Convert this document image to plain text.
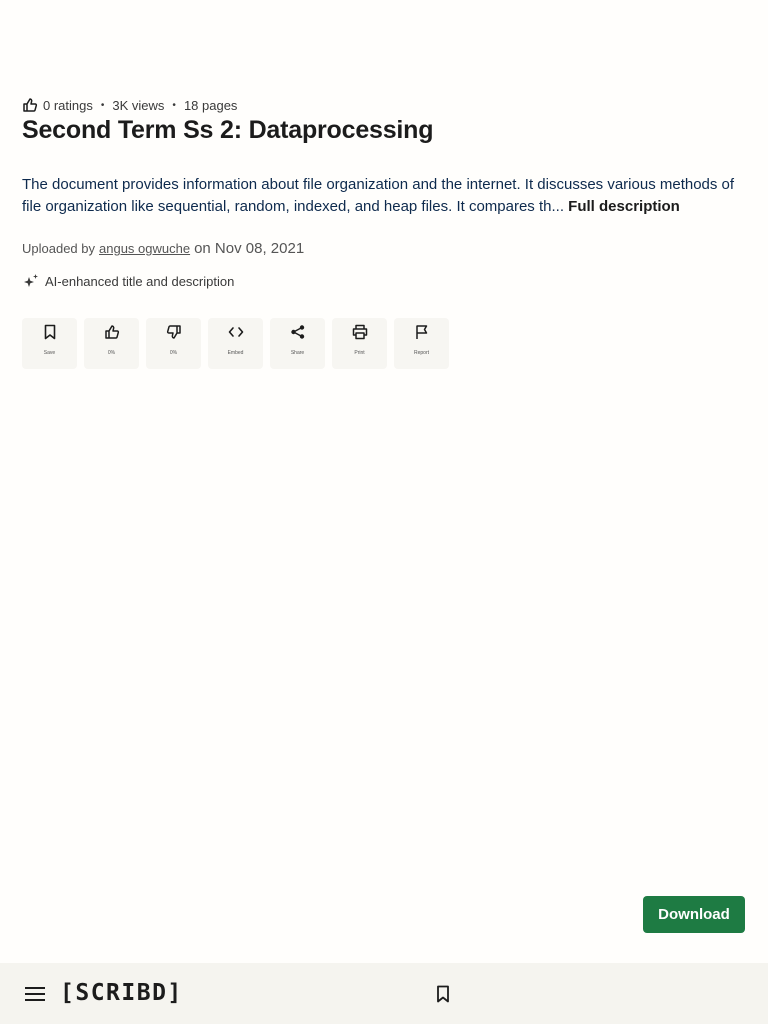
0 ratings • 3K views • 18 pages
Second Term Ss 2: Dataprocessing

The document provides information about file organization and the internet. It discusses various methods of file organization like sequential, random, indexed, and heap files. It compares th... Full description

Uploaded by angus ogwuche on Nov 08, 2021
AI-enhanced title and description
Save	0%	0%	Embed	Share	Print	Report
Download
[SCRIBD]
